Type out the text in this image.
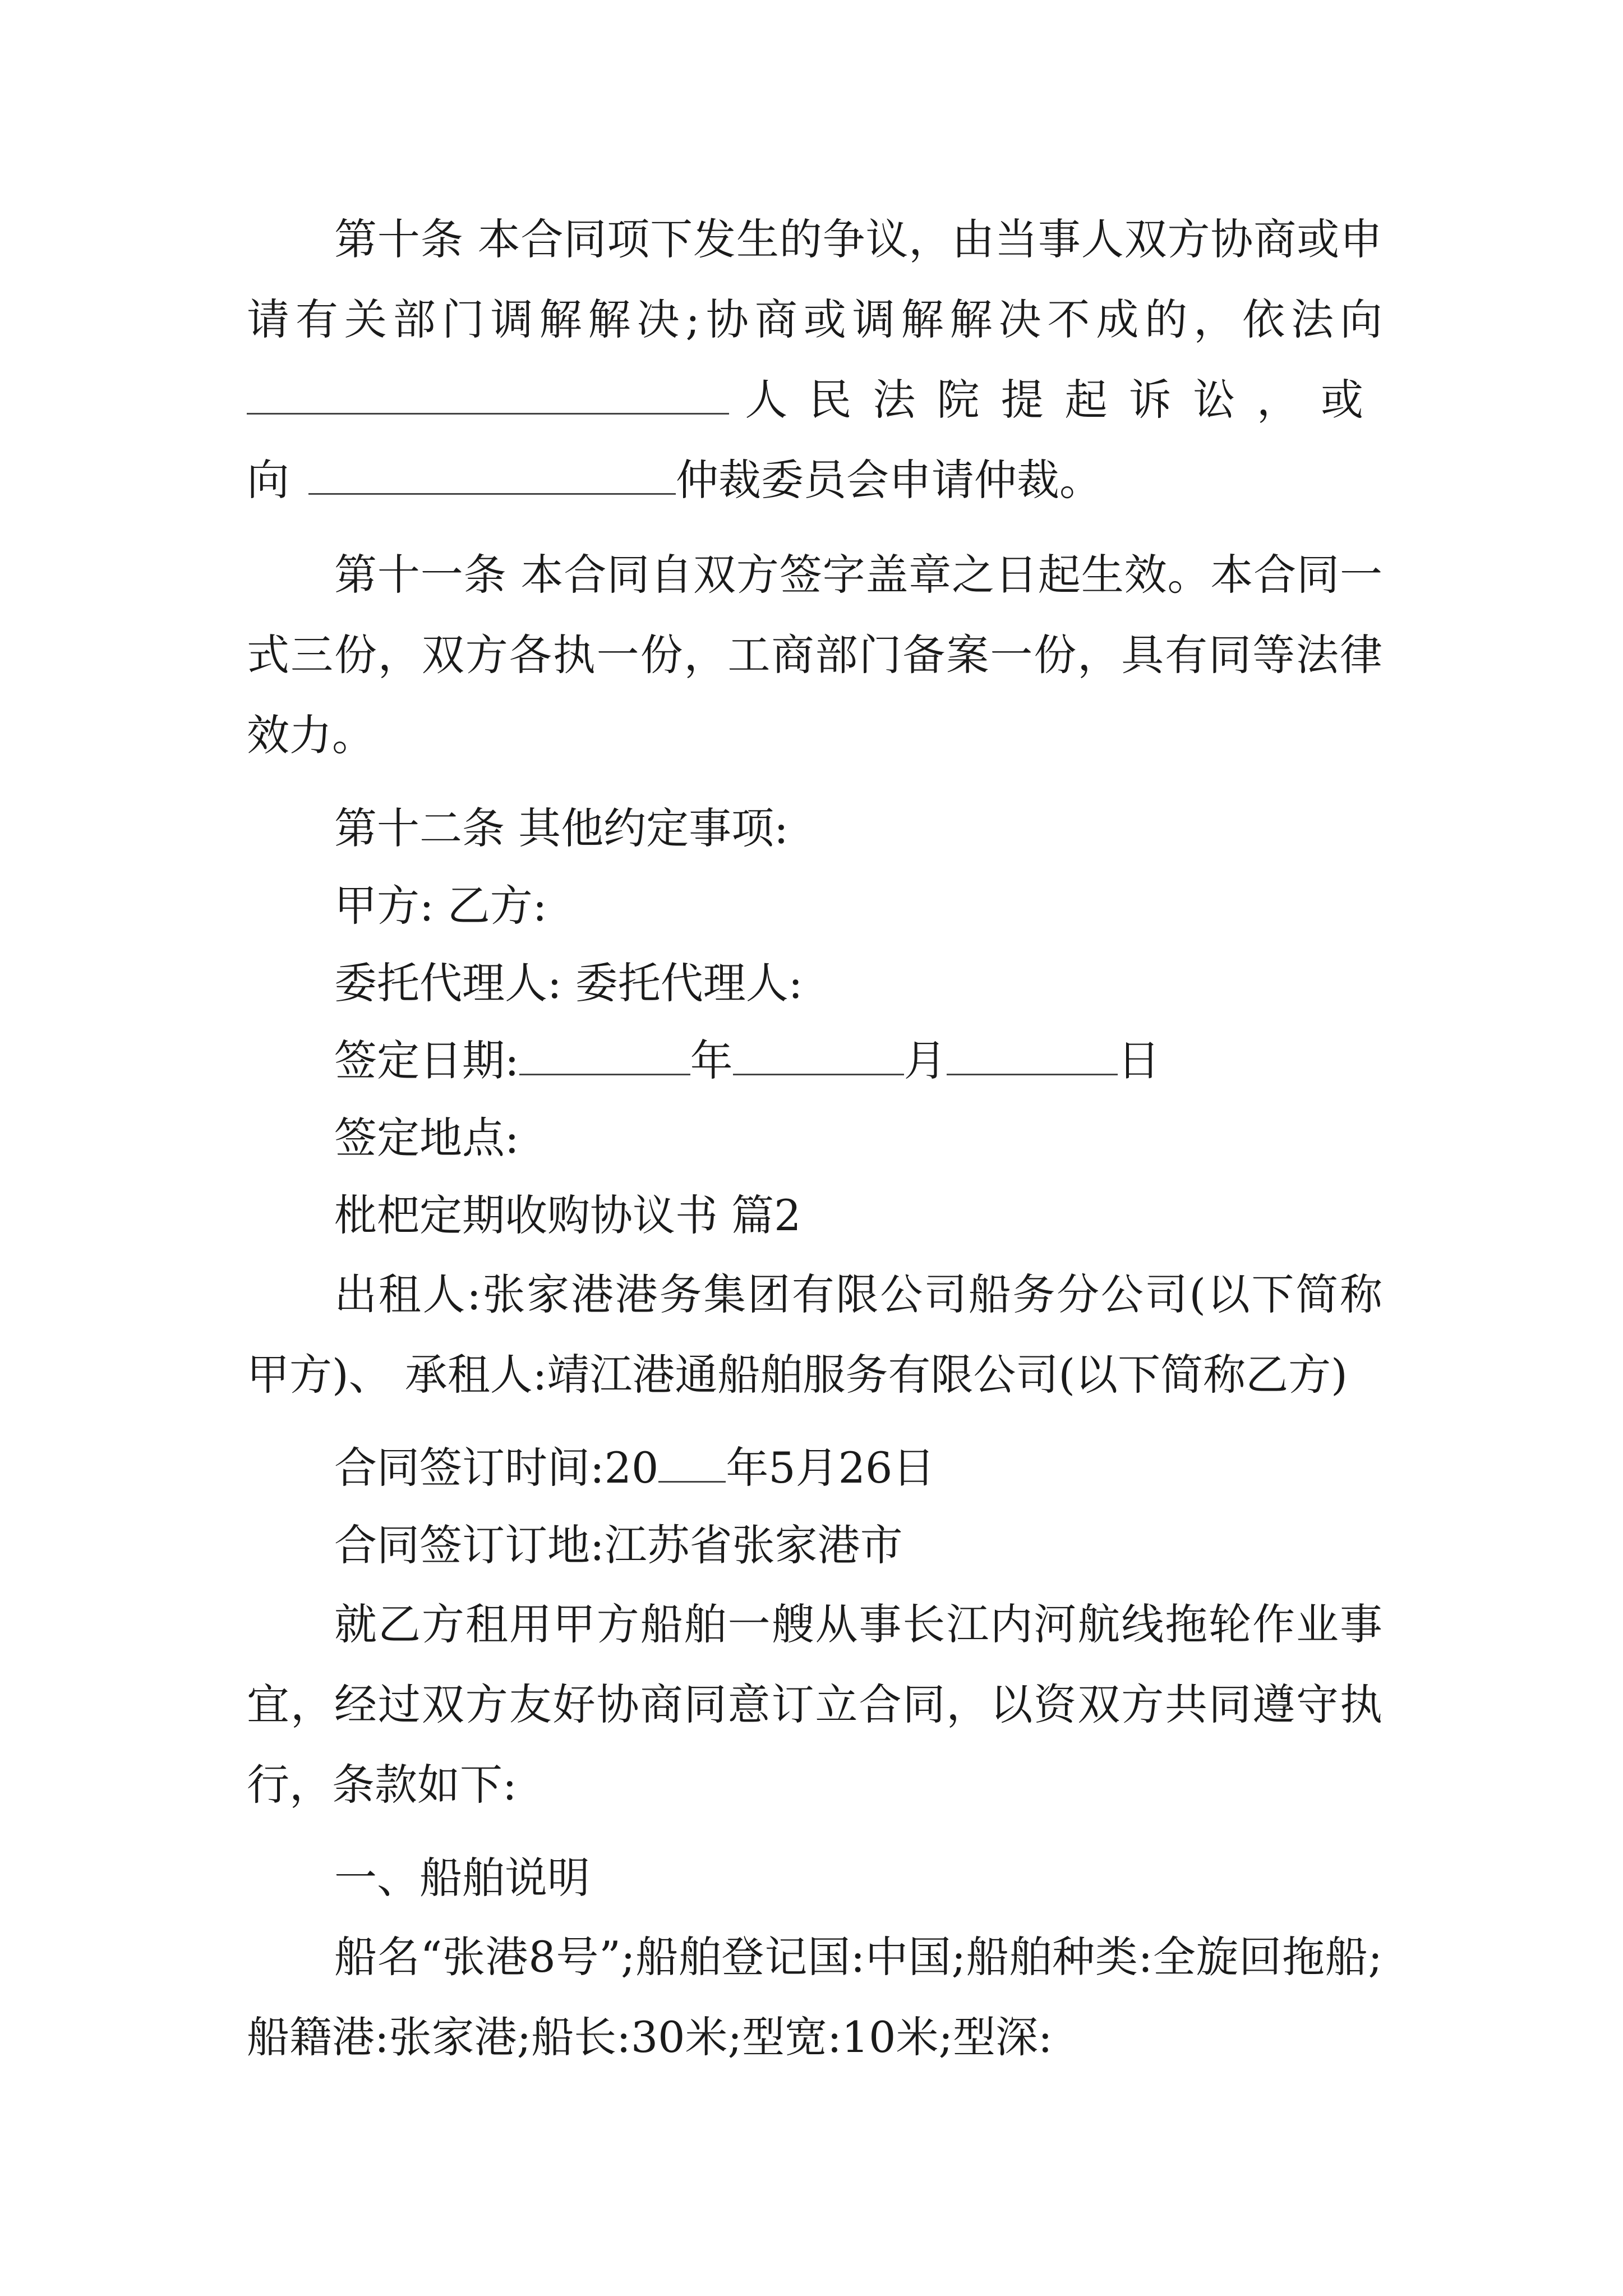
第十条 本合同项下发生的争议，由当事人双方协商或申请有关部门调解解决;协商或调解解决不成的，依法向 人民法院提起诉讼，或向	仲裁委员会申请仲裁。

第十一条 本合同自双方签字盖章之日起生效。本合同一式三份，双方各执一份，工商部门备案一份，具有同等法律效力。

第十二条 其他约定事项:

甲方: 乙方:

委托代理人: 委托代理人:

签定日期:	年	月	日

签定地点:

枇杷定期收购协议书 篇2

出租人:张家港港务集团有限公司船务分公司(以下简称甲方)、 承租人:靖江港通船舶服务有限公司(以下简称乙方)

合同签订时间:20 年5月26日

合同签订订地:江苏省张家港市

就乙方租用甲方船舶一艘从事长江内河航线拖轮作业事宜，经过双方友好协商同意订立合同，以资双方共同遵守执行，条款如下:

一、船舶说明

船名“张港8号”;船舶登记国:中国;船舶种类:全旋回拖船;船籍港:张家港;船长:30米;型宽:10米;型深:
